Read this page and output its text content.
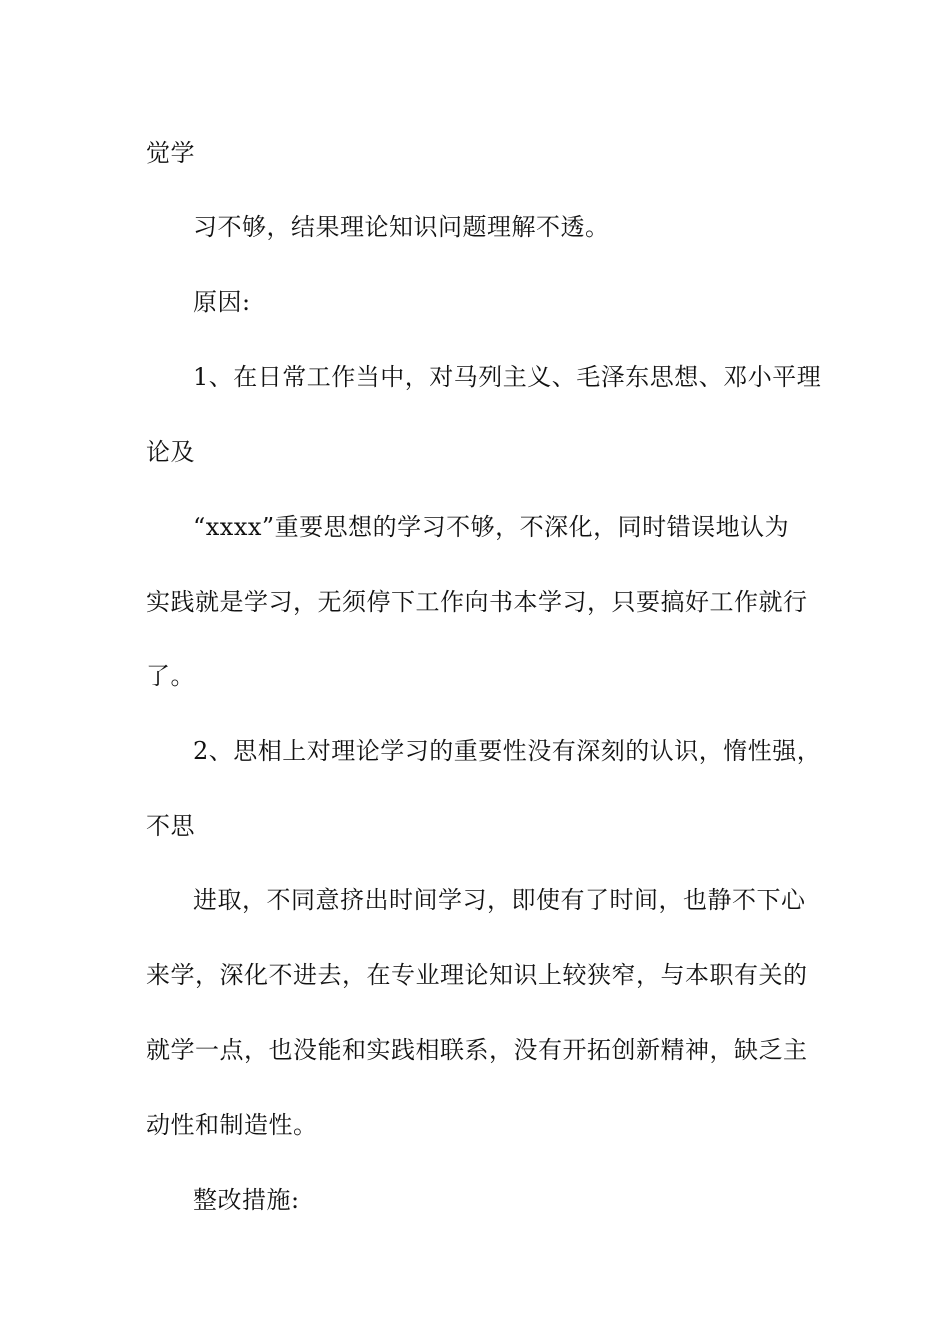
觉学
习不够，结果理论知识问题理解不透。
原因:
1、在日常工作当中，对马列主义、毛泽东思想、邓小平理
论及
“xxxx”重要思想的学习不够，不深化，同时错误地认为
实践就是学习，无须停下工作向书本学习，只要搞好工作就行
了。
2、思相上对理论学习的重要性没有深刻的认识，惰性强，
不思
进取，不同意挤出时间学习，即使有了时间，也静不下心
来学，深化不进去，在专业理论知识上较狭窄，与本职有关的
就学一点，也没能和实践相联系，没有开拓创新精神，缺乏主
动性和制造性。
整改措施:
